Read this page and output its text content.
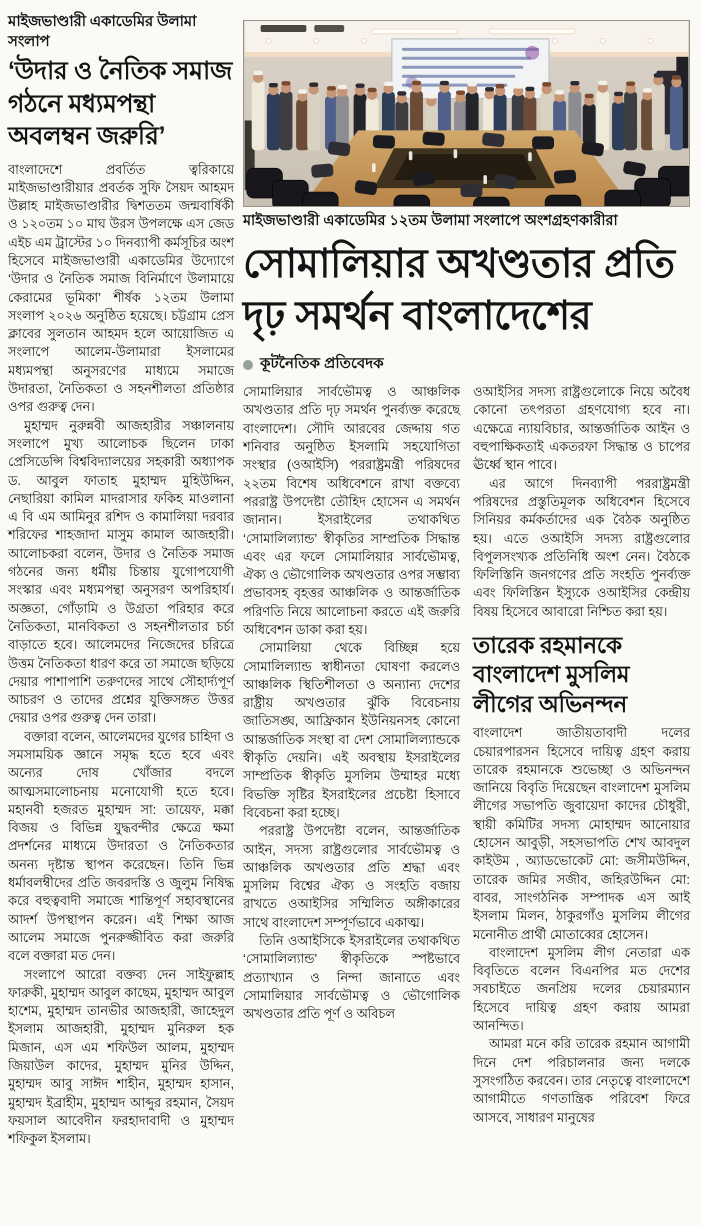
মাইজভাণ্ডারী একাডেমির উলামা সংলাপ
‘উদার ও নৈতিক সমাজ গঠনে মধ্যমপন্থা অবলম্বন জরুরি’

বাংলাদেশে প্রবর্তিত ত্বরিকায়ে মাইজভাণ্ডারীয়ার প্রবর্তক সুফি সৈয়দ আহমদ উল্লাহ মাইজভাণ্ডারীর দ্বিশততম জন্মবার্ষিকী ও ১২০তম ১০ মাঘ উরস উপলক্ষে এস জেড এইচ এম ট্রাস্টের ১০ দিনব্যাপী কর্মসূচির অংশ হিসেবে মাইজভাণ্ডারী একাডেমির উদ্যোগে ‘উদার ও নৈতিক সমাজ বিনির্মাণে উলামায়ে কেরামের ভূমিকা’ শীর্ষক ১২তম উলামা সংলাপ ২০২৬ অনুষ্ঠিত হয়েছে। চট্টগ্রাম প্রেস ক্লাবের সুলতান আহমদ হলে আয়োজিত এ সংলাপে আলেম-উলামারা ইসলামের মধ্যমপন্থা অনুসরণের মাধ্যমে সমাজে উদারতা, নৈতিকতা ও সহনশীলতা প্রতিষ্ঠার ওপর গুরুত্ব দেন।

মুহাম্মদ নুরুন্নবী আজহারীর সঞ্চালনায় সংলাপে মুখ্য আলোচক ছিলেন ঢাকা প্রেসিডেন্সি বিশ্ববিদ্যালয়ের সহকারী অধ্যাপক ড. আবুল ফাতাহ মুহাম্মদ মুহিউদ্দিন, নেছারিয়া কামিল মাদরাসার ফকিহ মাওলানা এ বি এম আমিনুর রশিদ ও কামালিয়া দরবার শরিফের শাহজাদা মাসুম কামাল আজহারী। আলোচকরা বলেন, উদার ও নৈতিক সমাজ গঠনের জন্য ধর্মীয় চিন্তায় যুগোপযোগী সংস্কার এবং মধ্যমপন্থা অনুসরণ অপরিহার্য। অজ্ঞতা, গোঁড়ামি ও উগ্রতা পরিহার করে নৈতিকতা, মানবিকতা ও সহনশীলতার চর্চা বাড়াতে হবে। আলেমদের নিজেদের চরিত্রে উত্তম নৈতিকতা ধারণ করে তা সমাজে ছড়িয়ে দেয়ার পাশাপাশি তরুণদের সাথে সৌহার্দ্যপূর্ণ আচরণ ও তাদের প্রশ্নের যুক্তিসঙ্গত উত্তর দেয়ার ওপর গুরুত্ব দেন তারা।

বক্তারা বলেন, আলেমদের যুগের চাহিদা ও সমসাময়িক জ্ঞানে সমৃদ্ধ হতে হবে এবং অন্যের দোষ খোঁজার বদলে আত্মসমালোচনায় মনোযোগী হতে হবে। মহানবী হজরত মুহাম্মদ সা: তায়েফ, মক্কা বিজয় ও বিভিন্ন যুদ্ধবন্দীর ক্ষেত্রে ক্ষমা প্রদর্শনের মাধ্যমে উদারতা ও নৈতিকতার অনন্য দৃষ্টান্ত স্থাপন করেছেন। তিনি ভিন্ন ধর্মাবলম্বীদের প্রতি জবরদস্তি ও জুলুম নিষিদ্ধ করে বহুত্ববাদী সমাজে শান্তিপূর্ণ সহাবস্থানের আদর্শ উপস্থাপন করেন। এই শিক্ষা আজ আলেম সমাজে পুনরুজ্জীবিত করা জরুরি বলে বক্তারা মত দেন।

সংলাপে আরো বক্তব্য দেন সাইফুল্লাহ ফারুকী, মুহাম্মদ আবুল কাছেম, মুহাম্মদ আবুল হাশেম, মুহাম্মদ তানভীর আজহারী, জাহেদুল ইসলাম আজহারী, মুহাম্মদ মুনিরুল হক মিজান, এস এম শফিউল আলম, মুহাম্মদ জিয়াউল কাদের, মুহাম্মদ মুনির উদ্দিন, মুহাম্মদ আবু সাঈদ শাহীন, মুহাম্মদ হাসান, মুহাম্মদ ইব্রাহীম, মুহাম্মদ আব্দুর রহমান, সৈয়দ ফয়সাল আবেদীন ফরহাদাবাদী ও মুহাম্মদ শফিকুল ইসলাম।

মাইজভাণ্ডারী একাডেমির ১২তম উলামা সংলাপে অংশগ্রহণকারীরা
সোমালিয়ার অখণ্ডতার প্রতি দৃঢ় সমর্থন বাংলাদেশের
কূটনৈতিক প্রতিবেদক

সোমালিয়ার সার্বভৌমত্ব ও আঞ্চলিক অখণ্ডতার প্রতি দৃঢ় সমর্থন পুনর্ব্যক্ত করেছে বাংলাদেশ। সৌদি আরবের জেদ্দায় গত শনিবার অনুষ্ঠিত ইসলামি সহযোগিতা সংস্থার (ওআইসি) পররাষ্ট্রমন্ত্রী পরিষদের ২২তম বিশেষ অধিবেশনে রাখা বক্তব্যে পররাষ্ট্র উপদেষ্টা তৌহিদ হোসেন এ সমর্থন জানান। ইসরাইলের তথাকথিত ‘সোমালিল্যান্ড’ স্বীকৃতির সাম্প্রতিক সিদ্ধান্ত এবং এর ফলে সোমালিয়ার সার্বভৌমত্ব, ঐক্য ও ভৌগোলিক অখণ্ডতার ওপর সম্ভাব্য প্রভাবসহ বৃহত্তর আঞ্চলিক ও আন্তর্জাতিক পরিণতি নিয়ে আলোচনা করতে এই জরুরি অধিবেশন ডাকা করা হয়।

সোমালিয়া থেকে বিচ্ছিন্ন হয়ে সোমালিল্যান্ড স্বাধীনতা ঘোষণা করলেও আঞ্চলিক স্থিতিশীলতা ও অন্যান্য দেশের রাষ্ট্রীয় অখণ্ডতার ঝুঁকি বিবেচনায় জাতিসঙ্ঘ, আফ্রিকান ইউনিয়নসহ কোনো আন্তর্জাতিক সংস্থা বা দেশ সোমালিল্যান্ডকে স্বীকৃতি দেয়নি। এই অবস্থায় ইসরাইলের সাম্প্রতিক স্বীকৃতি মুসলিম উম্মাহর মধ্যে বিভক্তি সৃষ্টির ইসরাইলের প্রচেষ্টা হিসাবে বিবেচনা করা হচ্ছে।

পররাষ্ট্র উপদেষ্টা বলেন, আন্তর্জাতিক আইন, সদস্য রাষ্ট্রগুলোর সার্বভৌমত্ব ও আঞ্চলিক অখণ্ডতার প্রতি শ্রদ্ধা এবং মুসলিম বিশ্বের ঐক্য ও সংহতি বজায় রাখতে ওআইসির সম্মিলিত অঙ্গীকারের সাথে বাংলাদেশ সম্পূর্ণভাবে একাত্ম।

তিনি ওআইসিকে ইসরাইলের তথাকথিত ‘সোমালিল্যান্ড’ স্বীকৃতিকে স্পষ্টভাবে প্রত্যাখ্যান ও নিন্দা জানাতে এবং সোমালিয়ার সার্বভৌমত্ব ও ভৌগোলিক অখণ্ডতার প্রতি পূর্ণ ও অবিচল

ওআইসির সদস্য রাষ্ট্রগুলোকে নিয়ে অবৈধ কোনো তৎপরতা গ্রহণযোগ্য হবে না। এক্ষেত্রে ন্যায়বিচার, আন্তর্জাতিক আইন ও বহুপাক্ষিকতাই একতরফা সিদ্ধান্ত ও চাপের ঊর্ধ্বে স্থান পাবে।

এর আগে দিনব্যাপী পররাষ্ট্রমন্ত্রী পরিষদের প্রস্তুতিমূলক অধিবেশন হিসেবে সিনিয়র কর্মকর্তাদের এক বৈঠক অনুষ্ঠিত হয়। এতে ওআইসি সদস্য রাষ্ট্রগুলোর বিপুলসংখ্যক প্রতিনিধি অংশ নেন। বৈঠকে ফিলিস্তিনি জনগণের প্রতি সংহতি পুনর্ব্যক্ত এবং ফিলিস্তিন ইস্যুকে ওআইসির কেন্দ্রীয় বিষয় হিসেবে আবারো নিশ্চিত করা হয়।

তারেক রহমানকে বাংলাদেশ মুসলিম লীগের অভিনন্দন

বাংলাদেশ জাতীয়তাবাদী দলের চেয়ারপারসন হিসেবে দায়িত্ব গ্রহণ করায় তারেক রহমানকে শুভেচ্ছা ও অভিনন্দন জানিয়ে বিবৃতি দিয়েছেন বাংলাদেশ মুসলিম লীগের সভাপতি জুবায়েদা কাদের চৌধুরী, স্থায়ী কমিটির সদস্য মোহাম্মদ আনোয়ার হোসেন আবুড়ী, সহসভাপতি শেখ আবদুল কাইউম , অ্যাডভোকেট মো: জসীমউদ্দিন, তারেক জমির সজীব, জহিরউদ্দিন মো: বাবর, সাংগঠনিক সম্পাদক এস আই ইসলাম মিলন, ঠাকুরগাঁও মুসলিম লীগের মনোনীত প্রার্থী মোতাব্বের হোসেন।

বাংলাদেশ মুসলিম লীগ নেতারা এক বিবৃতিতে বলেন বিএনপির মত দেশের সবচাইতে জনপ্রিয় দলের চেয়ারম্যান হিসেবে দায়িত্ব গ্রহণ করায় আমরা আনন্দিত।

আমরা মনে করি তারেক রহমান আগামী দিনে দেশ পরিচালনার জন্য দলকে সুসংগঠিত করবেন। তার নেতৃত্বে বাংলাদেশে আগামীতে গণতান্ত্রিক পরিবেশ ফিরে আসবে, সাধারণ মানুষের
